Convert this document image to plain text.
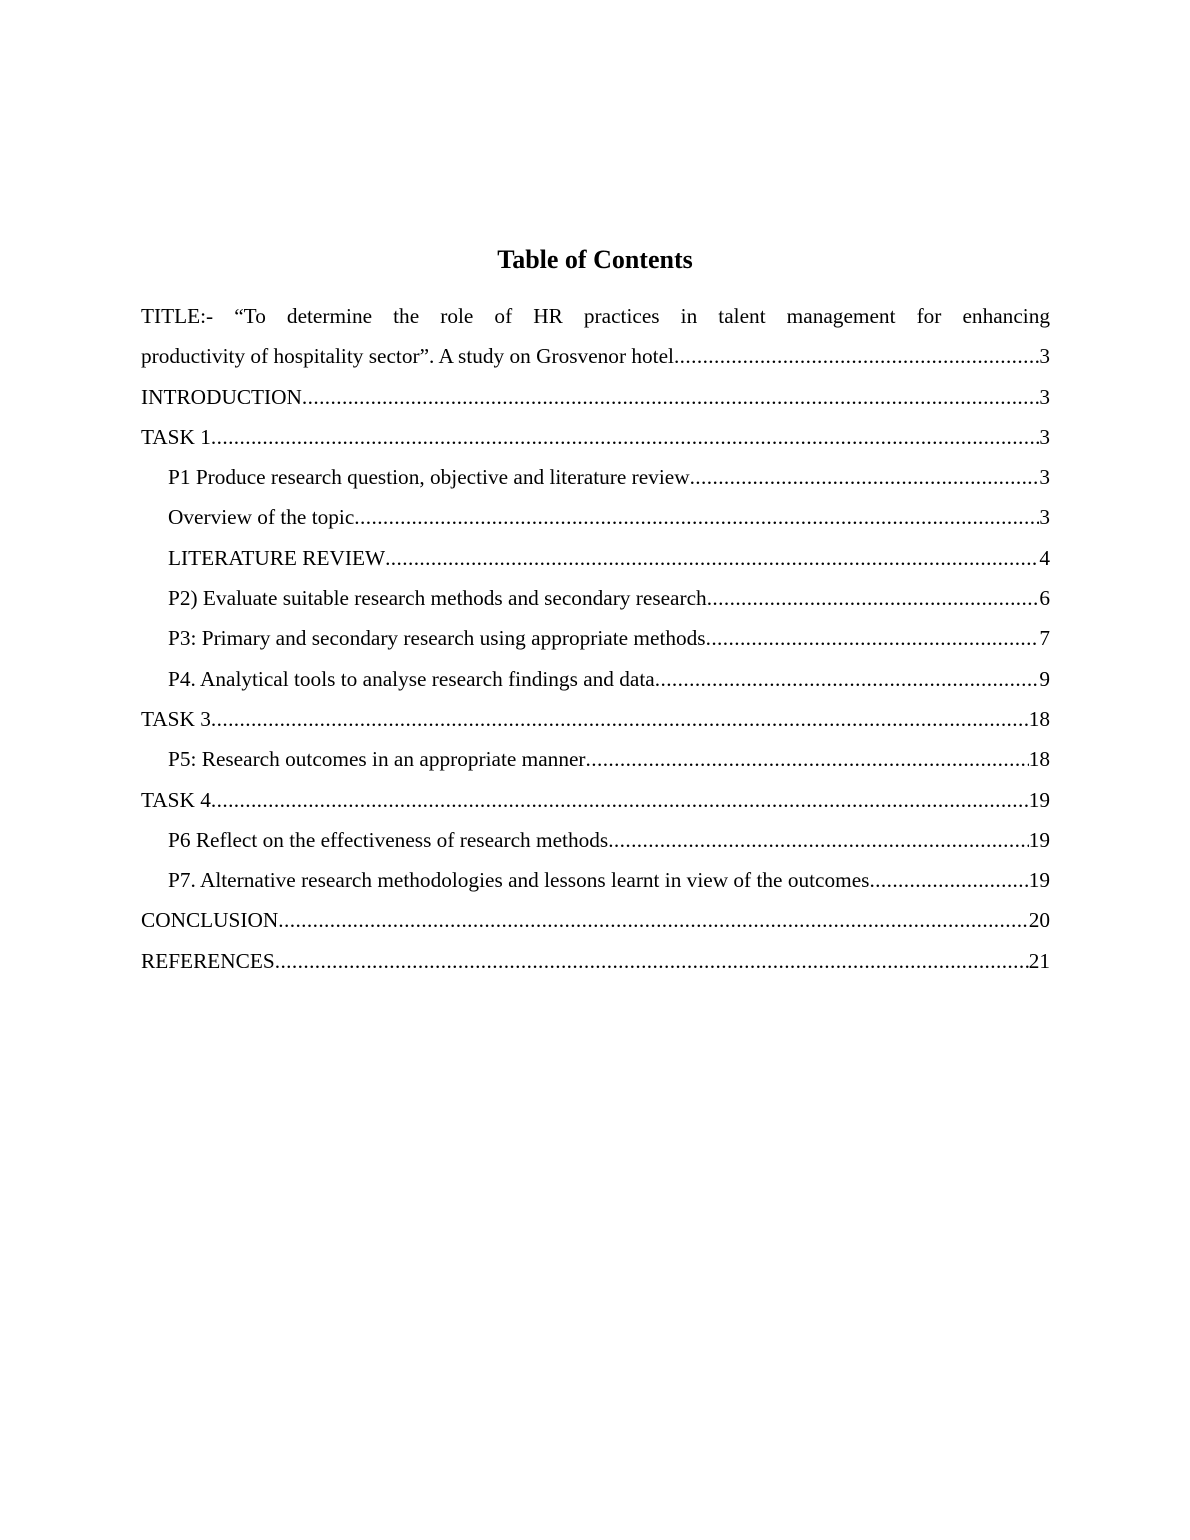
Table of Contents
TITLE:- “To determine the role of HR practices in talent management for enhancing
productivity of hospitality sector”. A study on Grosvenor hotel .....	3
INTRODUCTION .....	3
TASK 1 .....	3
P1 Produce research question, objective and literature review .....	3
Overview of the topic .....	3
LITERATURE REVIEW .....	4
P2) Evaluate suitable research methods and secondary research .....	6
P3: Primary and secondary research using appropriate methods .....	7
P4. Analytical tools to analyse research findings and data .....	9
TASK 3 .....	18
P5: Research outcomes in an appropriate manner .....	18
TASK 4 .....	19
P6 Reflect on the effectiveness of research methods .....	19
P7. Alternative research methodologies and lessons learnt in view of the outcomes .....	19
CONCLUSION .....	20
REFERENCES .....	21
